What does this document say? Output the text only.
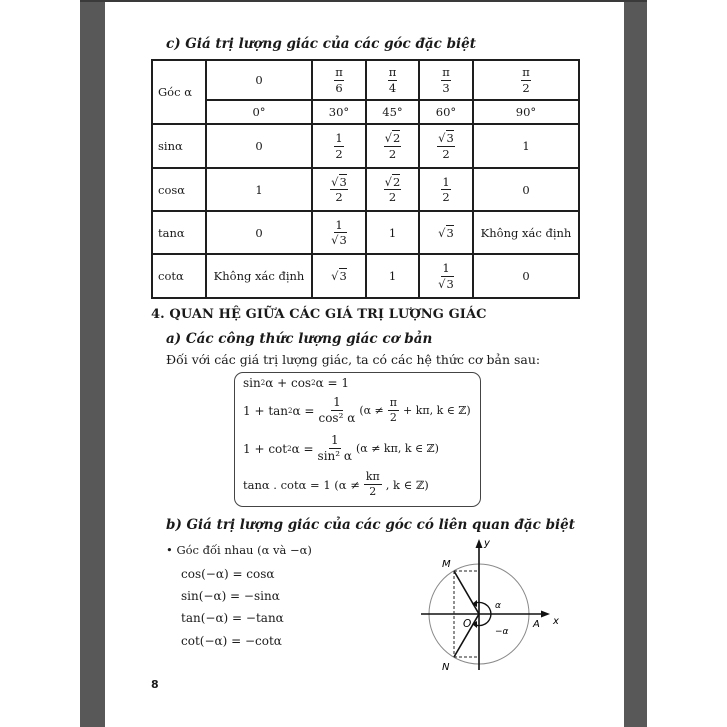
c) Giá trị lượng giác của các góc đặc biệt
Góc α	0	$\frac{\pi}{6}$	$\frac{\pi}{4}$	$\frac{\pi}{3}$	$\frac{\pi}{2}$

	0°	30°	45°	60°	90°
sinα	0	$\frac{1}{2}$	$\frac{√2}{2}$	$\frac{√3}{2}$	1
cosα	1	$\frac{√3}{2}$	$\frac{√2}{2}$	$\frac{1}{2}$	0
tanα	0	$\frac{1}{√3}$	1	√3	Không xác định
cotα	Không xác định	√3	1	$\frac{1}{√3}$	0
4. QUAN HỆ GIỮA CÁC GIÁ TRỊ LƯỢNG GIÁC
a) Các công thức lượng giác cơ bản
Đối với các giá trị lượng giác, ta có các hệ thức cơ bản sau:
sin 2 α + cos 2 α = 1
1 + tan 2 $\alpha = \frac{1}{\text{cos² α}} (\alpha \ne \frac{\pi}{2} + k\pi$, k ∈ ℤ)
1 + cot 2 $\alpha = \frac{1}{\text{sin² α}} (\alpha \ne k\pi$, k ∈ ℤ)
tanα . cotα = 1 ($\alpha \ne \frac{k\pi}{2}$ , k ∈ ℤ)
b) Giá trị lượng giác của các góc có liên quan đặc biệt
• Góc đối nhau (α và −α)
cos(−α) = cosα
sin(−α) = −sinα
tan(−α) = −tanα
cot(−α) = −cotα
y
x
M
N
O	A
α
−α
8
